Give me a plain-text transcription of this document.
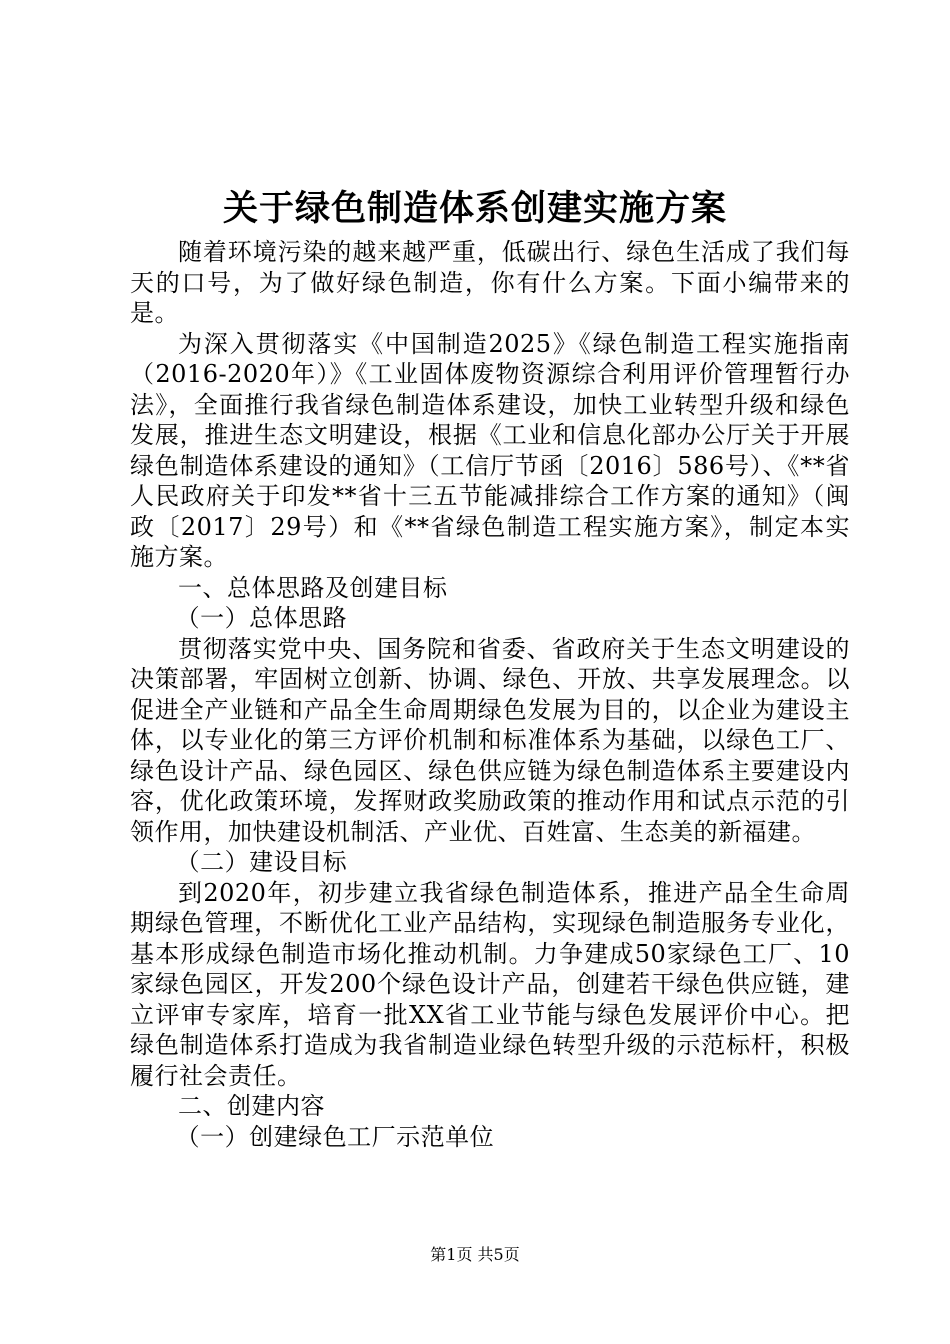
关于绿色制造体系创建实施方案

随着环境污染的越来越严重，低碳出行、绿色生活成了我们每天的口号，为了做好绿色制造，你有什么方案。下面小编带来的是。

为深入贯彻落实《中国制造2025》《绿色制造工程实施指南（2016-2020年）》《工业固体废物资源综合利用评价管理暂行办法》，全面推行我省绿色制造体系建设，加快工业转型升级和绿色发展，推进生态文明建设，根据《工业和信息化部办公厅关于开展绿色制造体系建设的通知》（工信厅节函〔2016〕586号）、《**省人民政府关于印发**省十三五节能减排综合工作方案的通知》（闽政〔2017〕29号）和《**省绿色制造工程实施方案》，制定本实施方案。

一、总体思路及创建目标

（一）总体思路

贯彻落实党中央、国务院和省委、省政府关于生态文明建设的决策部署，牢固树立创新、协调、绿色、开放、共享发展理念。以促进全产业链和产品全生命周期绿色发展为目的，以企业为建设主体，以专业化的第三方评价机制和标准体系为基础，以绿色工厂、绿色设计产品、绿色园区、绿色供应链为绿色制造体系主要建设内容，优化政策环境，发挥财政奖励政策的推动作用和试点示范的引领作用，加快建设机制活、产业优、百姓富、生态美的新福建。

（二）建设目标

到2020年，初步建立我省绿色制造体系，推进产品全生命周期绿色管理，不断优化工业产品结构，实现绿色制造服务专业化，基本形成绿色制造市场化推动机制。力争建成50家绿色工厂、10家绿色园区，开发200个绿色设计产品，创建若干绿色供应链，建立评审专家库，培育一批XX省工业节能与绿色发展评价中心。把绿色制造体系打造成为我省制造业绿色转型升级的示范标杆，积极履行社会责任。

二、创建内容

（一）创建绿色工厂示范单位

第1页 共5页
